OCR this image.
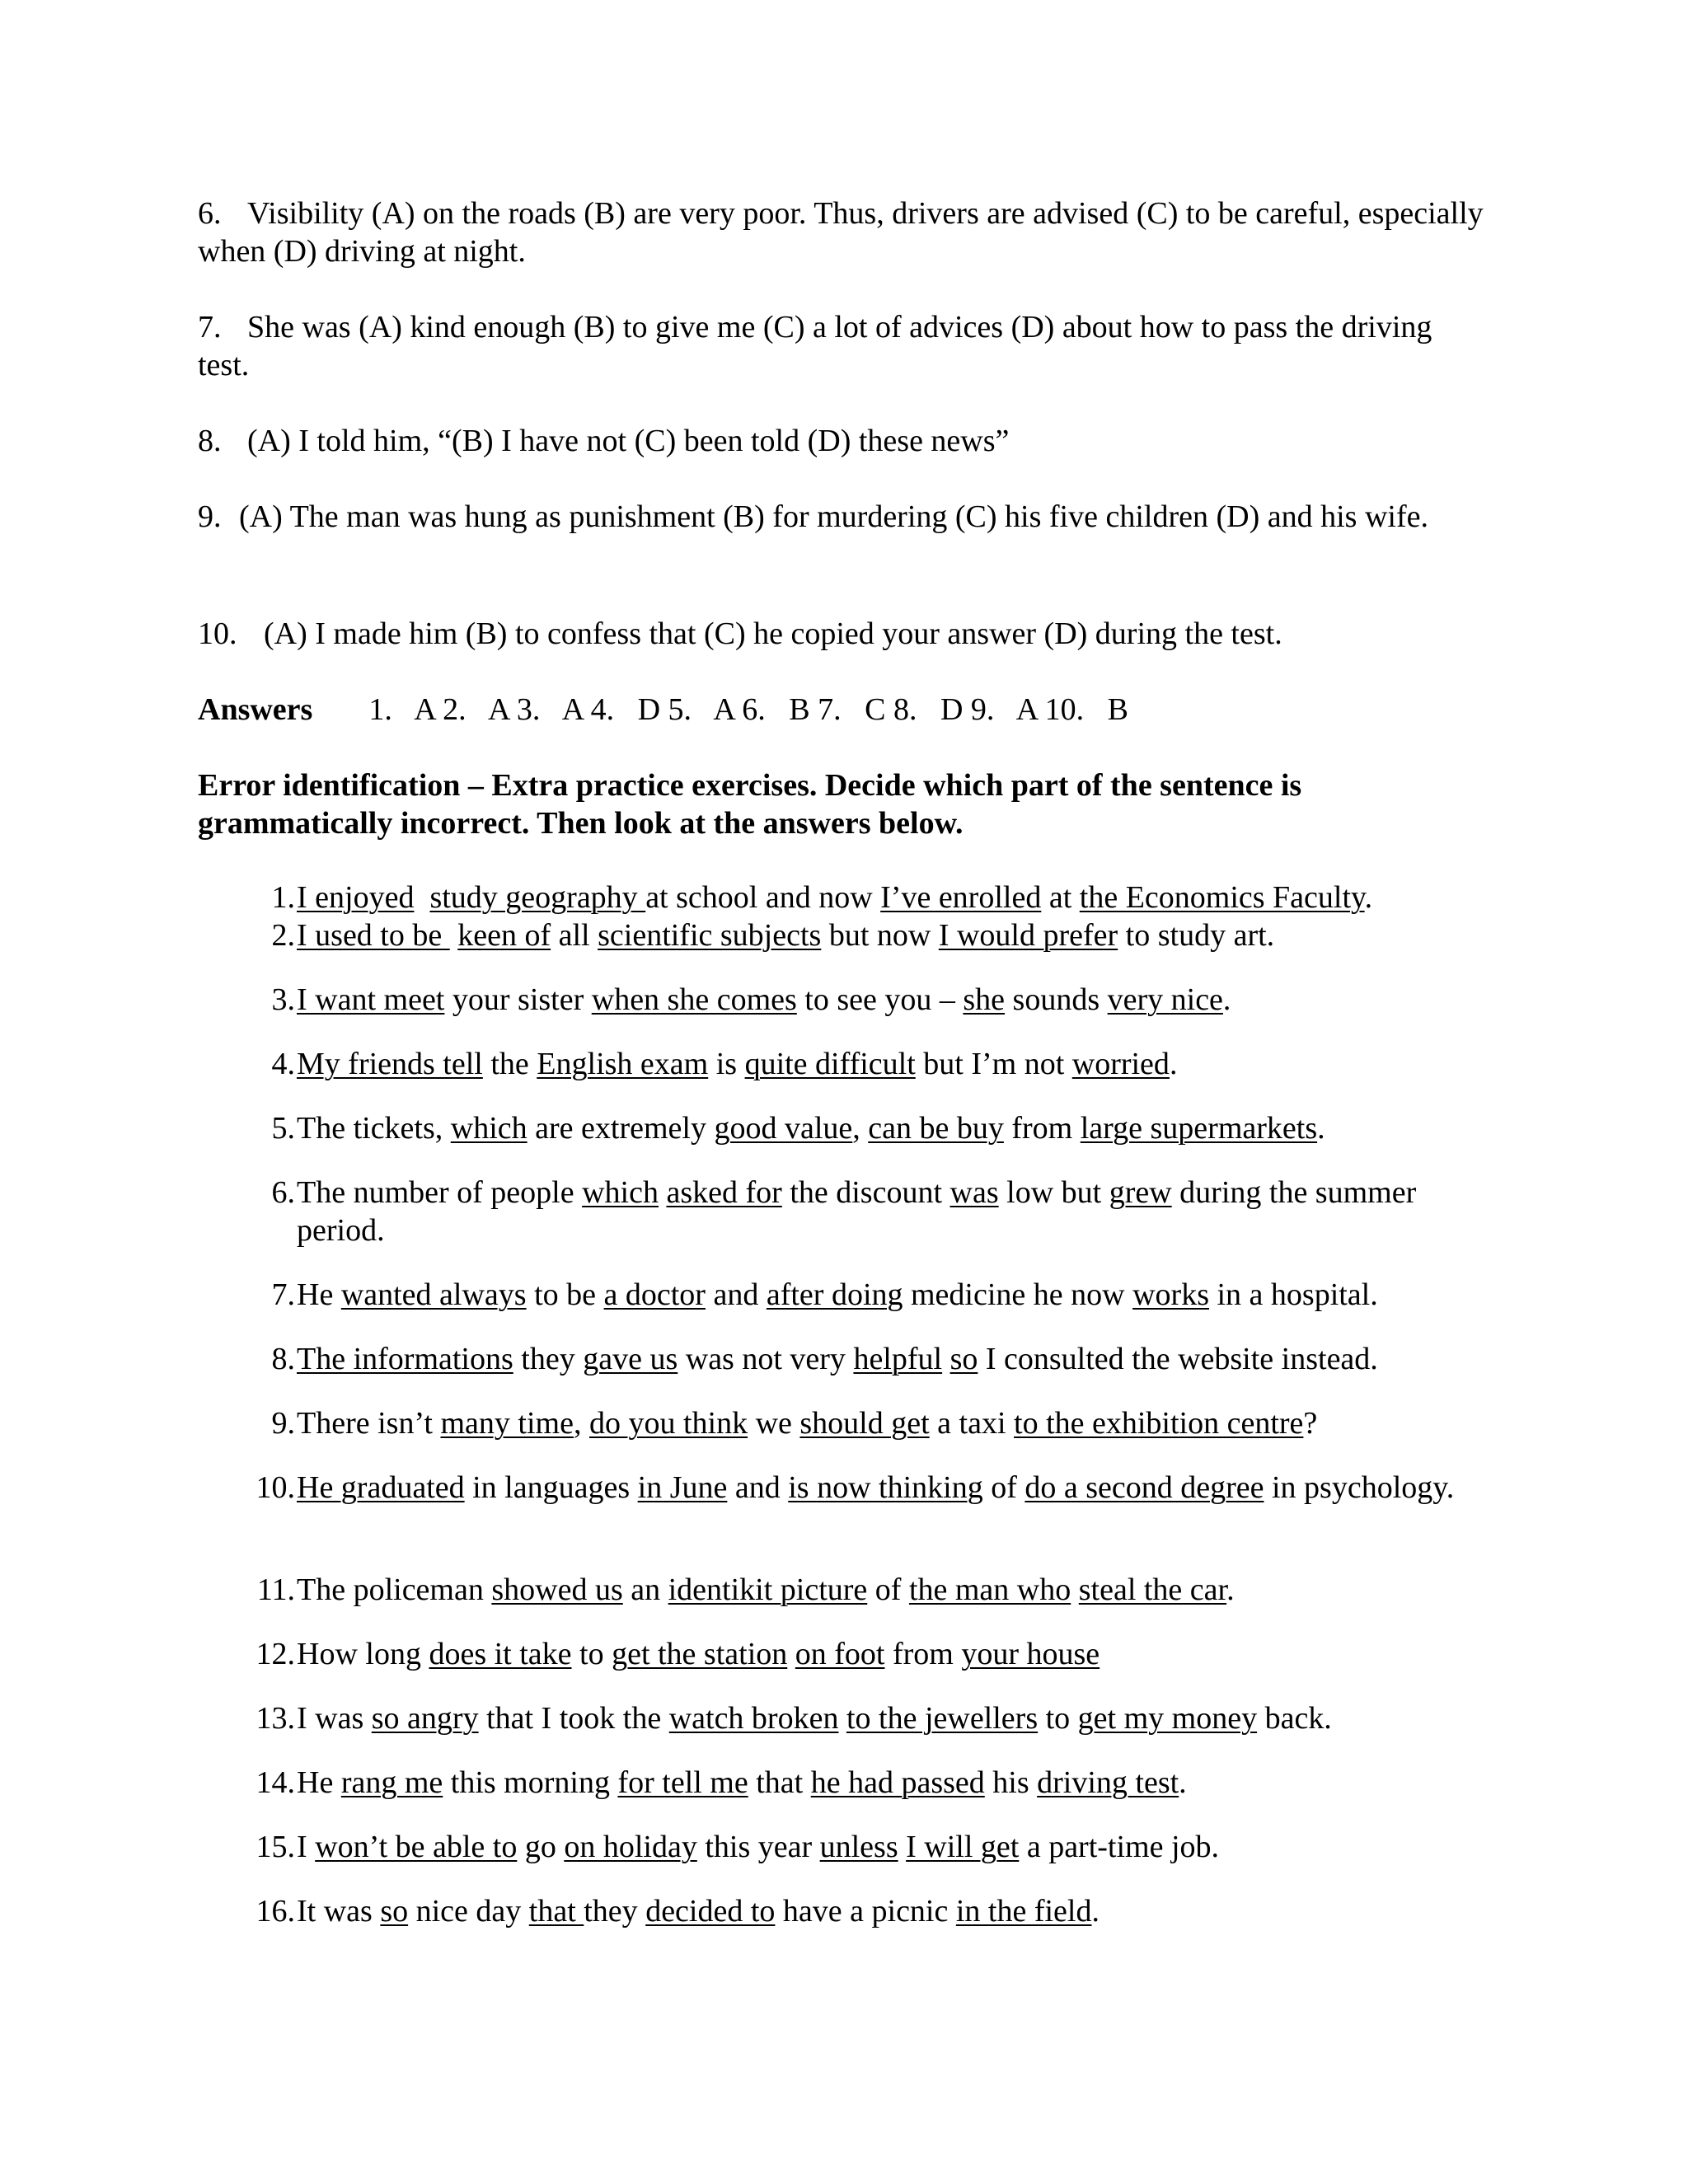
6. Visibility (A) on the roads (B) are very poor. Thus, drivers are advised (C) to be careful, especially when (D) driving at night.

7. She was (A) kind enough (B) to give me (C) a lot of advices (D) about how to pass the driving test.

8. (A) I told him, “(B) I have not (C) been told (D) these news”

9. (A) The man was hung as punishment (B) for murdering (C) his five children (D) and his wife.

10. (A) I made him (B) to confess that (C) he copied your answer (D) during the test.

Answers 1.   A 2.   A 3.   A 4.   D 5.   A 6.   B 7.   C 8.   D 9.   A 10.   B

Error identification – Extra practice exercises. Decide which part of the sentence is grammatically incorrect. Then look at the answers below.

1. I enjoyed study geography at school and now I’ve enrolled at the Economics Faculty.
2. I used to be  keen of all scientific subjects but now I would prefer to study art.
3. I want meet your sister when she comes to see you – she sounds very nice.
4. My friends tell the English exam is quite difficult but I’m not worried.
5. The tickets, which are extremely good value, can be buy from large supermarkets.
6. The number of people which asked for the discount was low but grew during the summer period.
7. He wanted always to be a doctor and after doing medicine he now works in a hospital.
8. The informations they gave us was not very helpful so I consulted the website instead.
9. There isn’t many time, do you think we should get a taxi to the exhibition centre?
10. He graduated in languages in June and is now thinking of do a second degree in psychology.
11. The policeman showed us an identikit picture of the man who steal the car.
12. How long does it take to get the station on foot from your house
13. I was so angry that I took the watch broken to the jewellers to get my money back.
14. He rang me this morning for tell me that he had passed his driving test.
15. I won’t be able to go on holiday this year unless I will get a part-time job.
16. It was so nice day that they decided to have a picnic in the field.
